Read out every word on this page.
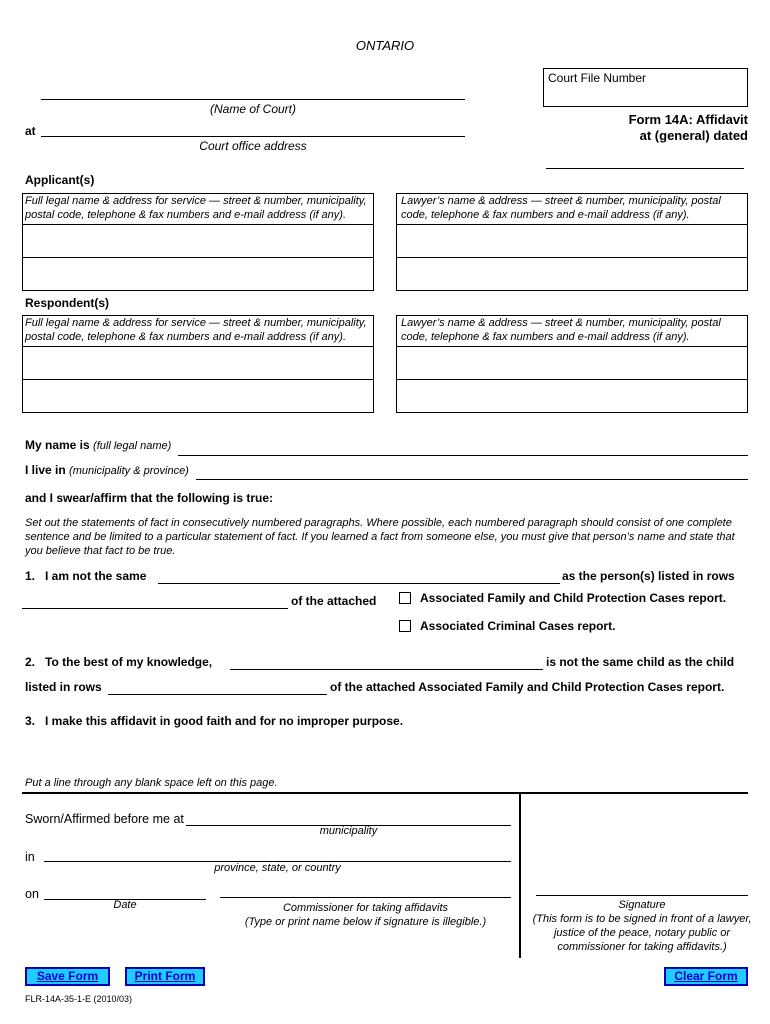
ONTARIO
Court File Number
(Name of Court)
at
Court office address
Form 14A: Affidavit
at (general) dated
Applicant(s)
Full legal name & address for service — street & number, municipality, postal code, telephone & fax numbers and e-mail address (if any).
Lawyer’s name & address — street & number, municipality, postal code, telephone & fax numbers and e-mail address (if any).
Respondent(s)
Full legal name & address for service — street & number, municipality, postal code, telephone & fax numbers and e-mail address (if any).
Lawyer’s name & address — street & number, municipality, postal code, telephone & fax numbers and e-mail address (if any).
My name is (full legal name)
I live in (municipality & province)
and I swear/affirm that the following is true:
Set out the statements of fact in consecutively numbered paragraphs. Where possible, each numbered paragraph should consist of one complete sentence and be limited to a particular statement of fact. If you learned a fact from someone else, you must give that person’s name and state that you believe that fact to be true.
1.   I am not the same	as the person(s) listed in rows
of the attached	Associated Family and Child Protection Cases report.
Associated Criminal Cases report.
2.   To the best of my knowledge,	is not the same child as the child
listed in rows	of the attached Associated Family and Child Protection Cases report.
3.   I make this affidavit in good faith and for no improper purpose.
Put a line through any blank space left on this page.
Sworn/Affirmed before me at
municipality
in
province, state, or country
on
Date	Commissioner for taking affidavits
(Type or print name below if signature is illegible.)
Signature
(This form is to be signed in front of a lawyer, justice of the peace, notary public or commissioner for taking affidavits.)
Save Form	Print Form	Clear Form
FLR-14A-35-1-E (2010/03)
